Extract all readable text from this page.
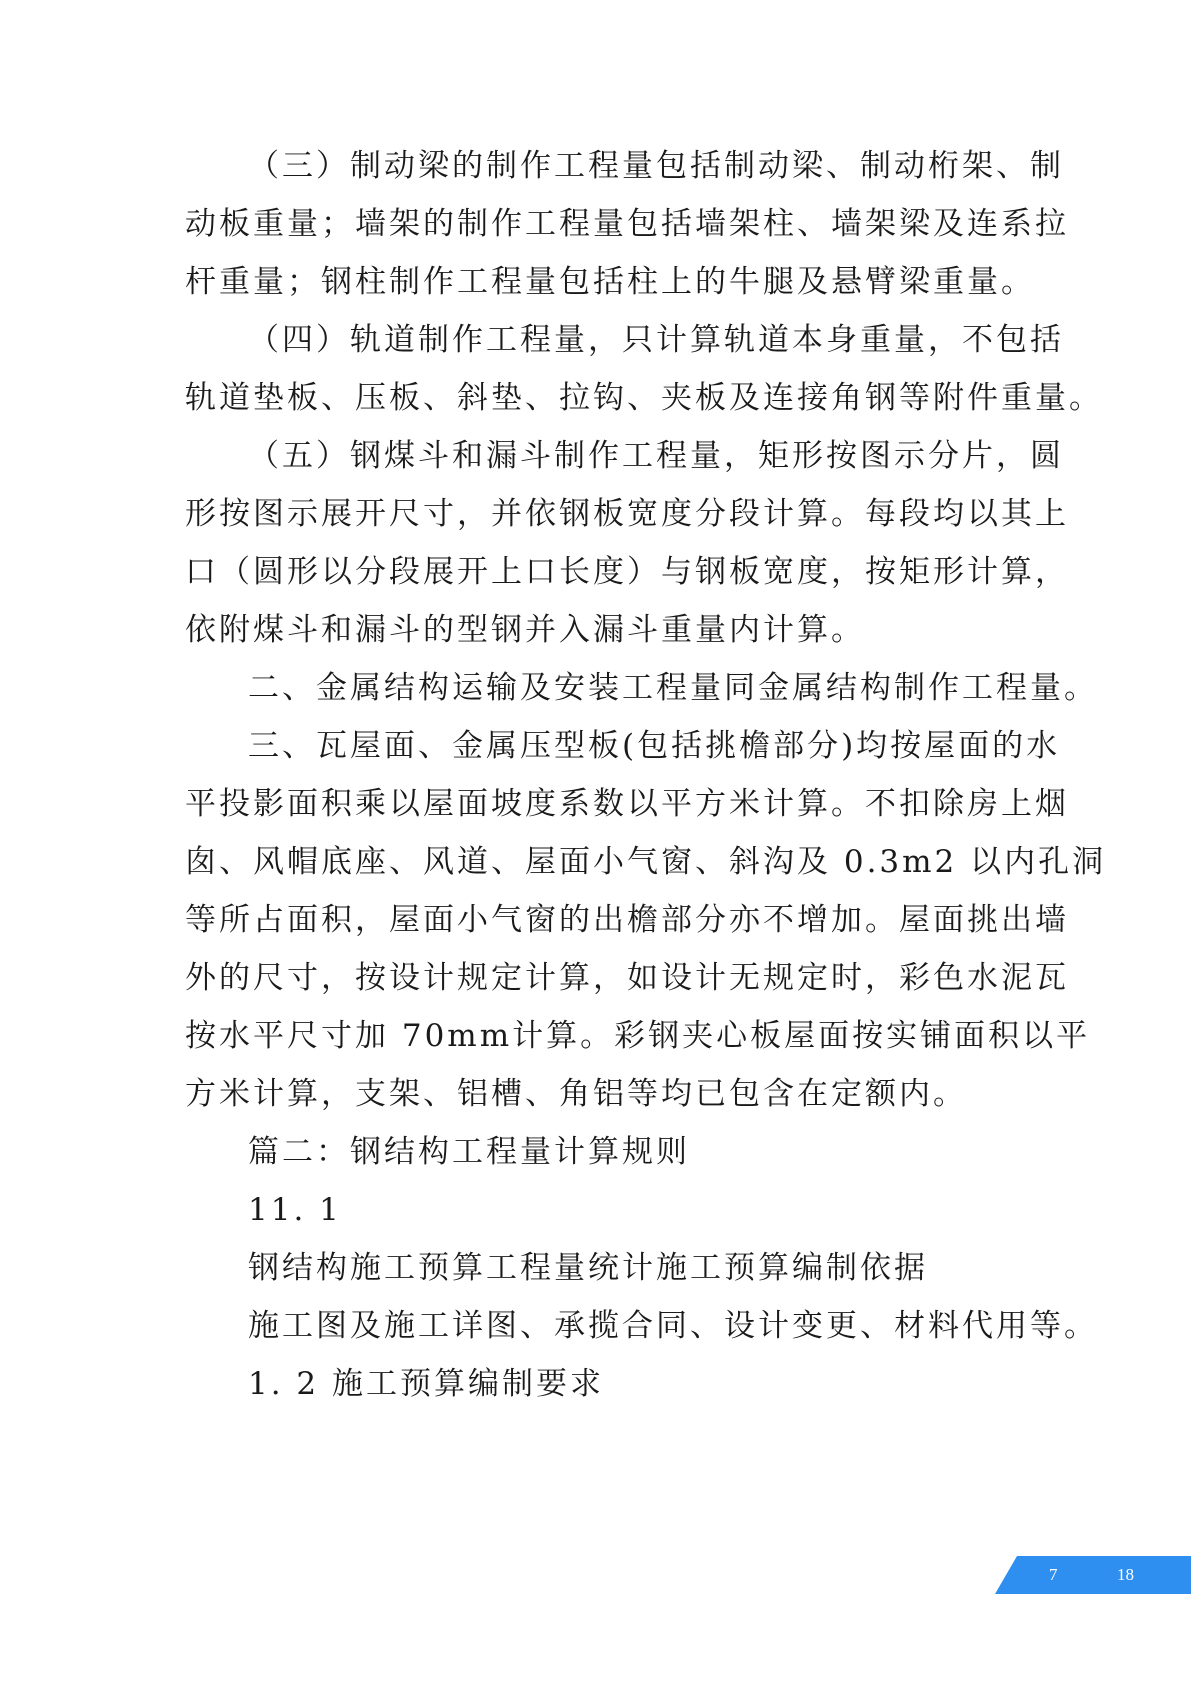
（三）制动梁的制作工程量包括制动梁、制动桁架、制
动板重量；墙架的制作工程量包括墙架柱、墙架梁及连系拉
杆重量；钢柱制作工程量包括柱上的牛腿及悬臂梁重量。
（四）轨道制作工程量，只计算轨道本身重量，不包括
轨道垫板、压板、斜垫、拉钩、夹板及连接角钢等附件重量。
（五）钢煤斗和漏斗制作工程量，矩形按图示分片，圆
形按图示展开尺寸，并依钢板宽度分段计算。每段均以其上
口（圆形以分段展开上口长度）与钢板宽度，按矩形计算，
依附煤斗和漏斗的型钢并入漏斗重量内计算。
二、金属结构运输及安装工程量同金属结构制作工程量。
三、瓦屋面、金属压型板(包括挑檐部分)均按屋面的水
平投影面积乘以屋面坡度系数以平方米计算。不扣除房上烟
囱、风帽底座、风道、屋面小气窗、斜沟及 0.3m2 以内孔洞
等所占面积，屋面小气窗的出檐部分亦不增加。屋面挑出墙
外的尺寸，按设计规定计算，如设计无规定时，彩色水泥瓦
按水平尺寸加 70mm计算。彩钢夹心板屋面按实铺面积以平
方米计算，支架、铝槽、角铝等均已包含在定额内。
篇二：钢结构工程量计算规则
11. 1
钢结构施工预算工程量统计施工预算编制依据
施工图及施工详图、承揽合同、设计变更、材料代用等。
1. 2 施工预算编制要求
7	18
